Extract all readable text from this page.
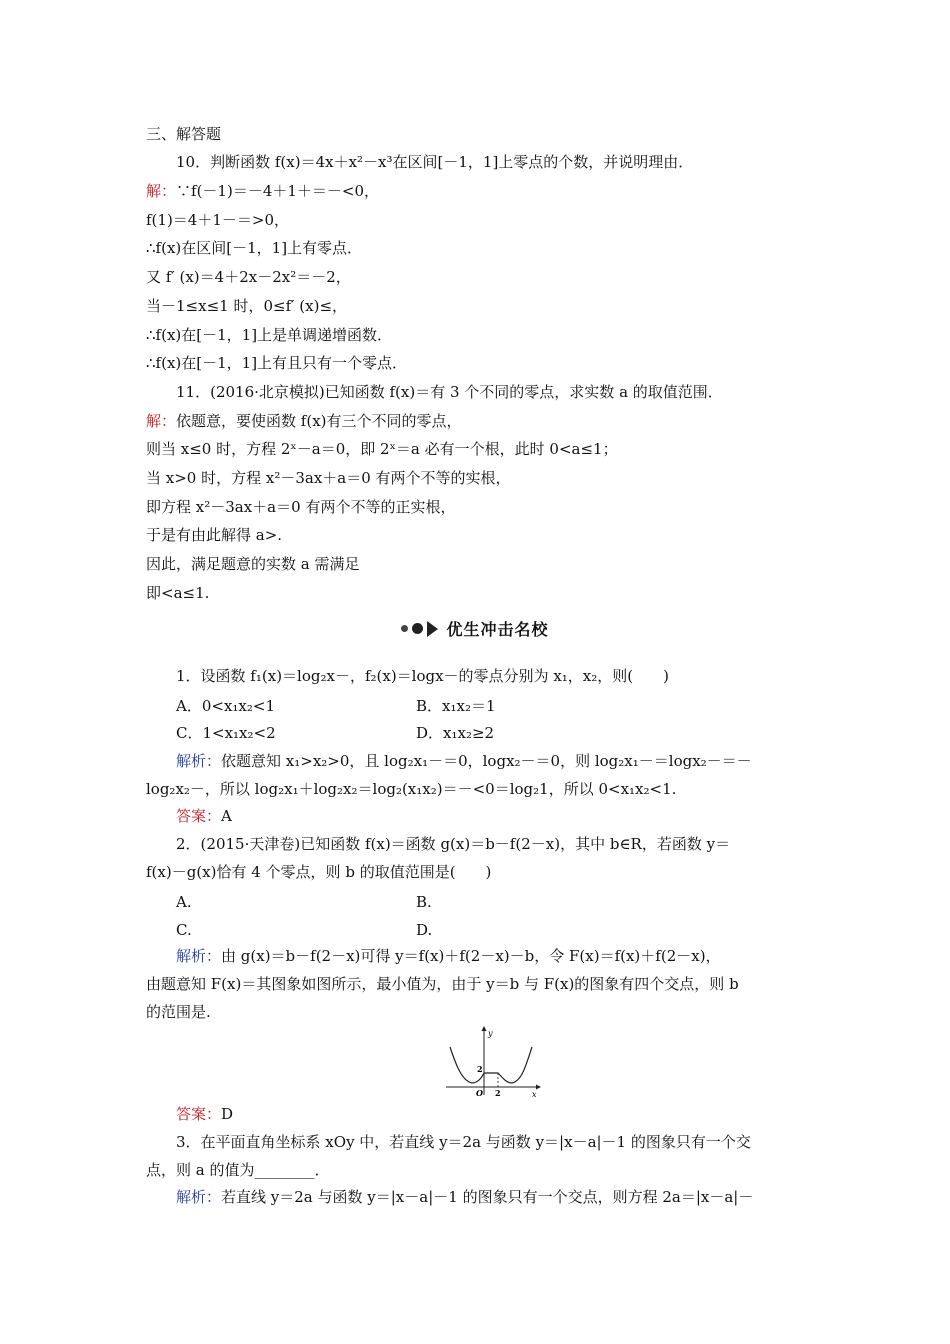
三、解答题
10．判断函数 f(x)＝4x＋x²－x³在区间[－1，1]上零点的个数，并说明理由．
解：∵f(－1)＝－4＋1＋＝－<0，
f(1)＝4＋1－＝>0，
∴f(x)在区间[－1，1]上有零点．
又 f′ (x)＝4＋2x－2x²＝－2，
当－1≤x≤1 时，0≤f′ (x)≤，
∴f(x)在[－1，1]上是单调递增函数．
∴f(x)在[－1，1]上有且只有一个零点．
11．(2016·北京模拟)已知函数 f(x)＝有 3 个不同的零点，求实数 a 的取值范围．
解：依题意，要使函数 f(x)有三个不同的零点，
则当 x≤0 时，方程 2ˣ－a＝0，即 2ˣ＝a 必有一个根，此时 0<a≤1；
当 x>0 时，方程 x²－3ax＋a＝0 有两个不等的实根，
即方程 x²－3ax＋a＝0 有两个不等的正实根，
于是有由此解得 a>.
因此，满足题意的实数 a 需满足
即<a≤1.
优生冲击名校
1．设函数 f₁(x)＝log₂x－，f₂(x)＝logx－的零点分别为 x₁，x₂，则(　　)
A．0<x₁x₂<1	B．x₁x₂＝1
C．1<x₁x₂<2	D．x₁x₂≥2
解析：依题意知 x₁>x₂>0，且 log₂x₁－＝0，logx₂－＝0，则 log₂x₁－＝logx₂－＝－
log₂x₂－，所以 log₂x₁＋log₂x₂＝log₂(x₁x₂)＝－<0＝log₂1，所以 0<x₁x₂<1.
答案：A
2．(2015·天津卷)已知函数 f(x)＝函数 g(x)＝b－f(2－x)，其中 b∈R，若函数 y＝
f(x)－g(x)恰有 4 个零点，则 b 的取值范围是(　　)
A.	B.
C.	D.
解析：由 g(x)＝b－f(2－x)可得 y＝f(x)＋f(2－x)－b，令 F(x)＝f(x)＋f(2－x)，
由题意知 F(x)＝其图象如图所示，最小值为，由于 y＝b 与 F(x)的图象有四个交点，则 b
的范围是.
y
x
O 2
2
答案：D
3．在平面直角坐标系 xOy 中，若直线 y＝2a 与函数 y＝|x－a|－1 的图象只有一个交
点，则 a 的值为________．
解析：若直线 y＝2a 与函数 y＝|x－a|－1 的图象只有一个交点，则方程 2a＝|x－a|－
